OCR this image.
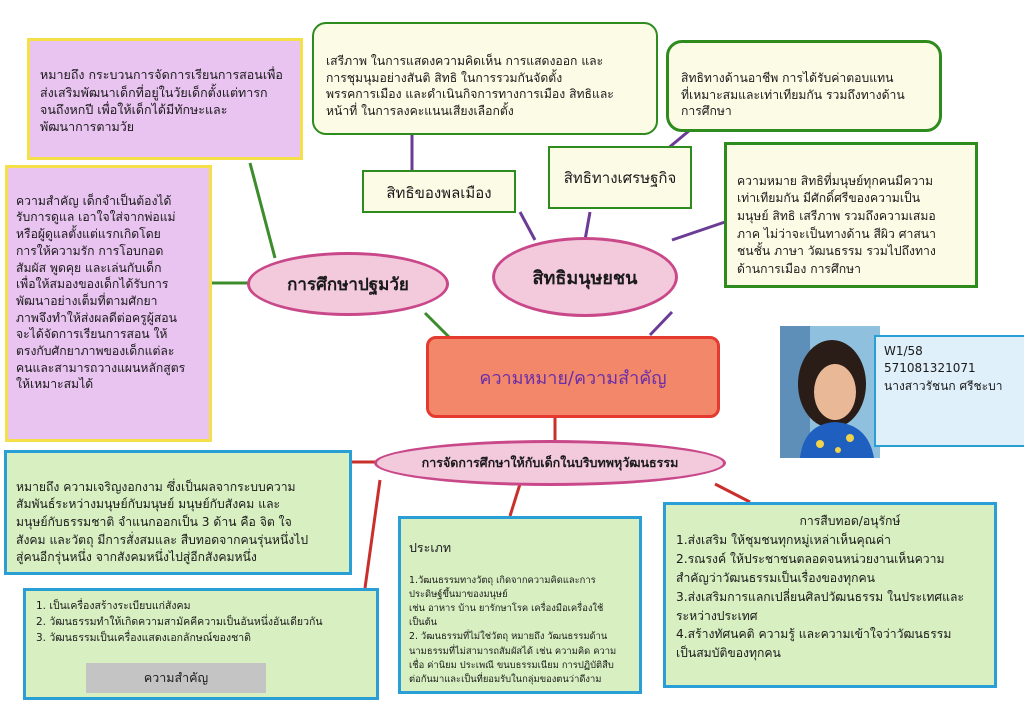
หมายถึง กระบวนการจัดการเรียนการสอนเพื่อ
ส่งเสริมพัฒนาเด็กที่อยู่ในวัยเด็กตั้งแต่ทารก
จนถึงหกปี เพื่อให้เด็กได้มีทักษะและ
พัฒนาการตามวัย

ความสำคัญ เด็กจำเป็นต้องได้
รับการดูแล เอาใจใส่จากพ่อแม่
หรือผู้ดูแลตั้งแต่แรกเกิดโดย
การให้ความรัก การโอบกอด
สัมผัส พูดคุย และเล่นกับเด็ก
เพื่อให้สมองของเด็กได้รับการ
พัฒนาอย่างเต็มที่ตามศักยา
ภาพจึงทำให้ส่งผลดีต่อครูผู้สอน
จะได้จัดการเรียนการสอน ให้
ตรงกับศักยาภาพของเด็กแต่ละ
คนและสามารถวางแผนหลักสูตร
ให้เหมาะสมได้

เสรีภาพ ในการแสดงความคิดเห็น การแสดงออก และ
การชุมนุมอย่างสันติ สิทธิ ในการรวมกันจัดตั้ง
พรรคการเมือง และดำเนินกิจการทางการเมือง สิทธิและ
หน้าที่ ในการลงคะแนนเสียงเลือกตั้ง

สิทธิทางด้านอาชีพ การได้รับค่าตอบแทน
ที่เหมาะสมและเท่าเทียมกัน รวมถึงทางด้าน
การศึกษา

สิทธิของพลเมือง
สิทธิทางเศรษฐกิจ	ความหมาย สิทธิที่มนุษย์ทุกคนมีความ
เท่าเทียมกัน มีศักดิ์ศรีของความเป็น
มนุษย์ สิทธิ เสรีภาพ รวมถึงความเสมอ
ภาค ไม่ว่าจะเป็นทางด้าน สีผิว ศาสนา
ชนชั้น ภาษา วัฒนธรรม รวมไปถึงทาง
ด้านการเมือง การศึกษา

การศึกษาปฐมวัย	สิทธิมนุษยชน
ความหมาย/ความสำคัญ
W1/58
571081321071
นางสาวรัชนก ศรีชะบา
การจัดการศึกษาให้กับเด็กในบริบทพหุวัฒนธรรม

หมายถึง ความเจริญงอกงาม ซึ่งเป็นผลจากระบบความ
สัมพันธ์ระหว่างมนุษย์กับมนุษย์ มนุษย์กับสังคม และ
มนุษย์กับธรรมชาติ จำแนกออกเป็น 3 ด้าน คือ จิต ใจ
สังคม และวัตถุ มีการสั่งสมและ สืบทอดจากคนรุ่นหนึ่งไป
สู่คนอีกรุ่นหนึ่ง จากสังคมหนึ่งไปสู่อีกสังคมหนึ่ง

1. เป็นเครื่องสร้างระเบียบแก่สังคม
2. วัฒนธรรมทำให้เกิดความสามัคคีความเป็นอันหนึ่งอันเดียวกัน
3. วัฒนธรรมเป็นเครื่องแสดงเอกลักษณ์ของชาติ
ความสำคัญ

ประเภท

1.วัฒนธรรมทางวัตถุ เกิดจากความคิดและการ
ประดิษฐ์ขึ้นมาของมนุษย์
เช่น อาหาร บ้าน ยารักษาโรค เครื่องมือเครื่องใช้
เป็นต้น
2. วัฒนธรรมที่ไม่ใช่วัตถุ หมายถึง วัฒนธรรมด้าน
นามธรรมที่ไม่สามารถสัมผัสได้ เช่น ความคิด ความ
เชื่อ ค่านิยม ประเพณี ขนบธรรมเนียม การปฏิบัติสืบ
ต่อกันมาและเป็นที่ยอมรับในกลุ่มของตนว่าดีงาม

การสืบทอด/อนุรักษ์
1.ส่งเสริม ให้ชุมชนทุกหมู่เหล่าเห็นคุณค่า
2.รณรงค์ ให้ประชาชนตลอดจนหน่วยงานเห็นความ
สำคัญว่าวัฒนธรรมเป็นเรื่องของทุกคน
3.ส่งเสริมการแลกเปลี่ยนศิลปวัฒนธรรม ในประเทศและ
ระหว่างประเทศ
4.สร้างทัศนคติ ความรู้ และความเข้าใจว่าวัฒนธรรม
เป็นสมบัติของทุกคน
